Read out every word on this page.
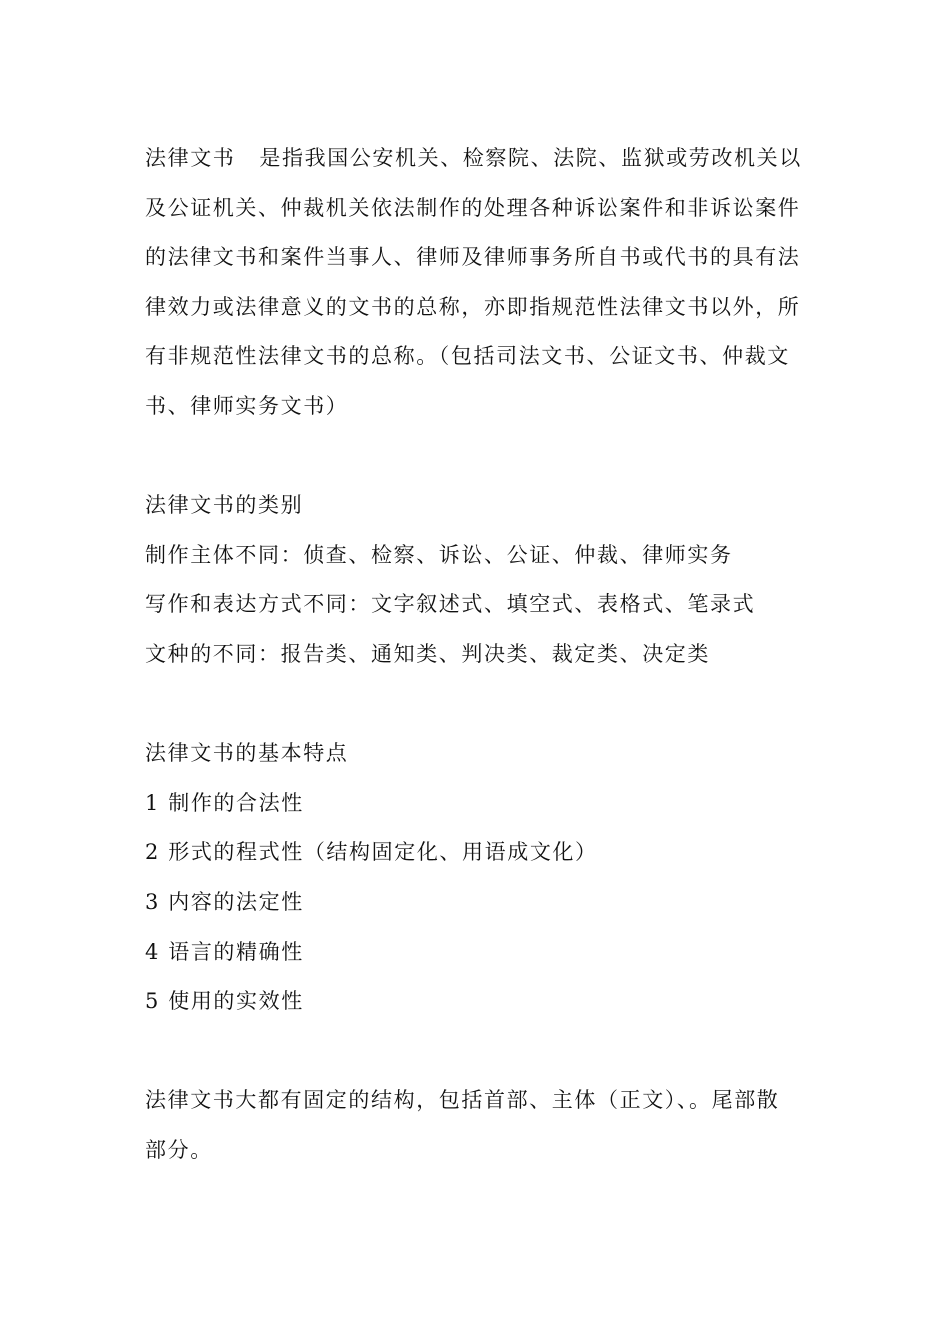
法律文书 是指我国公安机关、检察院、法院、监狱或劳改机关以
及公证机关、仲裁机关依法制作的处理各种诉讼案件和非诉讼案件
的法律文书和案件当事人、律师及律师事务所自书或代书的具有法
律效力或法律意义的文书的总称，亦即指规范性法律文书以外，所
有非规范性法律文书的总称。（包括司法文书、公证文书、仲裁文
书、律师实务文书）
法律文书的类别
制作主体不同：侦查、检察、诉讼、公证、仲裁、律师实务
写作和表达方式不同：文字叙述式、填空式、表格式、笔录式
文种的不同：报告类、通知类、判决类、裁定类、决定类
法律文书的基本特点
1 制作的合法性
2 形式的程式性（结构固定化、用语成文化）
3 内容的法定性
4 语言的精确性
5 使用的实效性
法律文书大都有固定的结构，包括首部、主体（正文）、。尾部散
部分。
